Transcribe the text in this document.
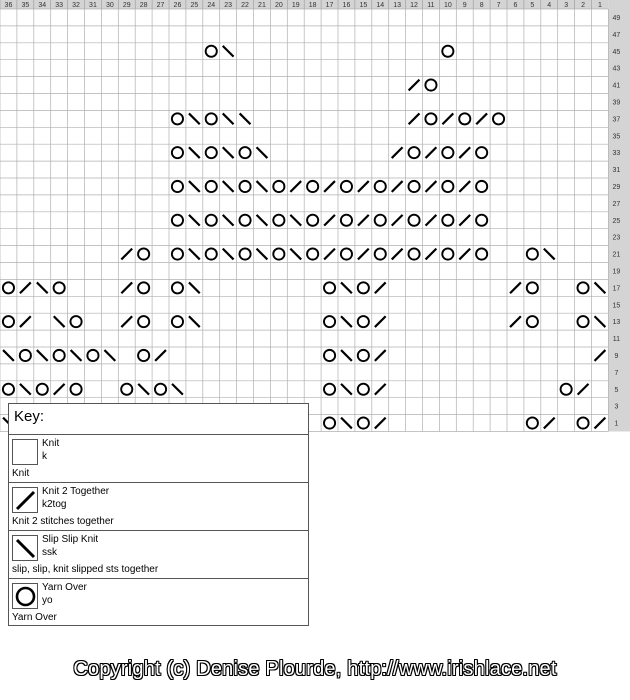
36 35 34 33 32 31 30 29 28 27 26 25 24 23 22 21 20 19 18 17 16 15 14 13 12 11 10 9 8 7 6 5 4 3 2 1
49
47
45
43
41
39
37
35
33
31
29
27
25
23
21
19
17
15
13
11
9
7
5
3
1
Key:
Knit
k
Knit
Knit 2 Together
k2tog
Knit 2 stitches together
Slip Slip Knit
ssk
slip, slip, knit slipped sts together
Yarn Over
yo
Yarn Over
Copyright (c) Denise Plourde, http://www.irishlace.net
